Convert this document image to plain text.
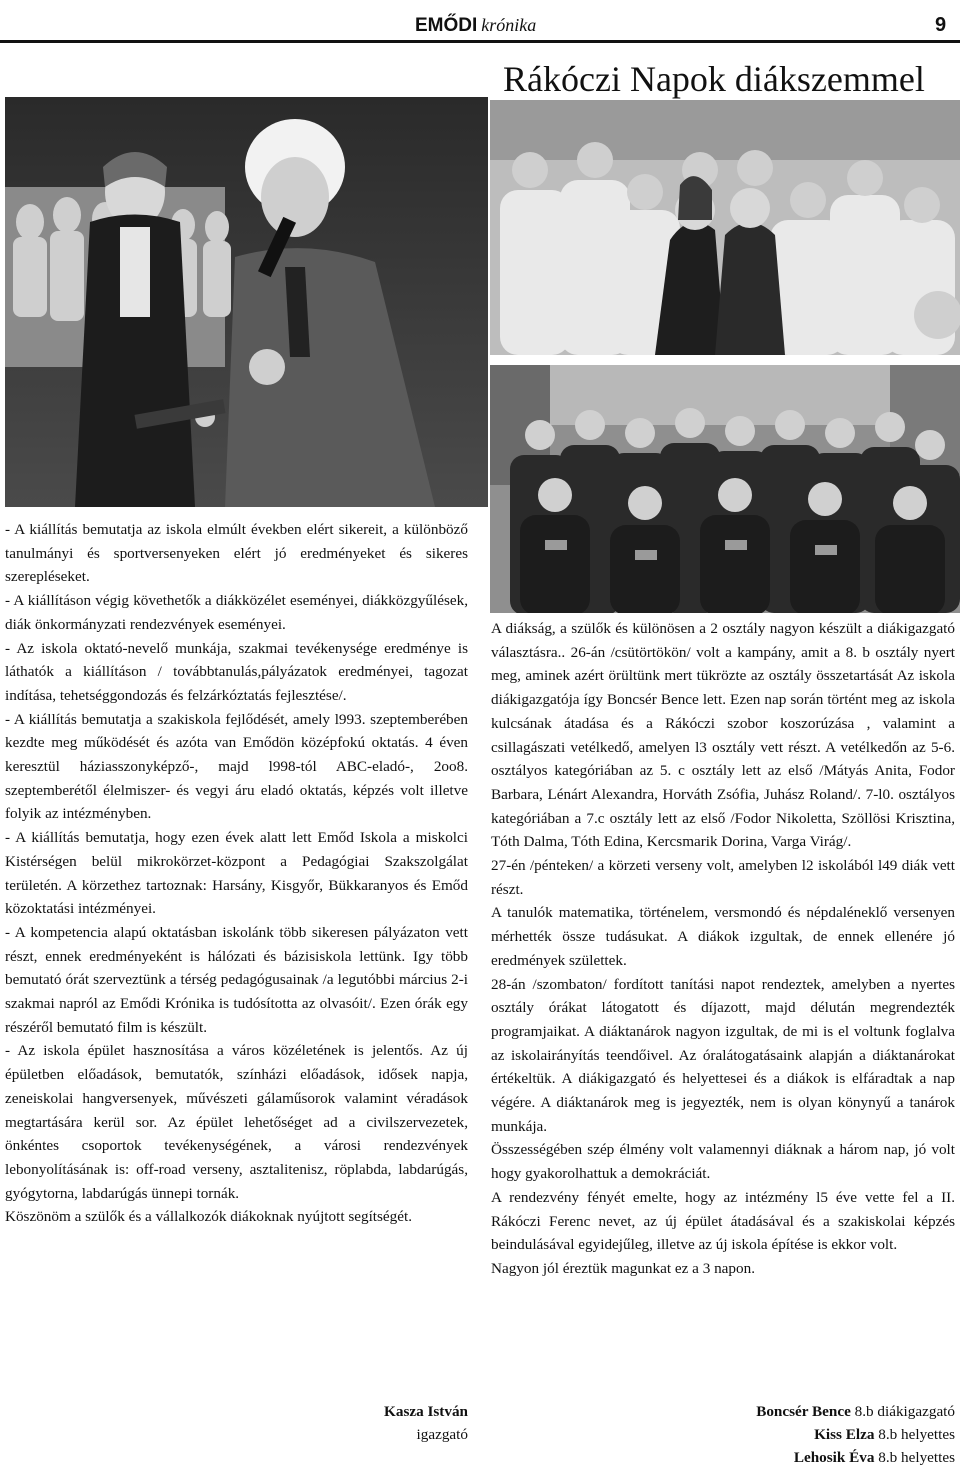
EMŐDI krónika	9
Rákóczi Napok diákszemmel

- A kiállítás bemutatja az iskola elmúlt években elért sikereit, a különböző tanulmányi és sportversenyeken elért jó eredményeket és sikeres szerepléseket.

- A kiállításon végig követhetők a diákközélet eseményei, diákközgyűlések, diák önkormányzati rendezvények eseményei.

- Az iskola oktató-nevelő munkája, szakmai tevékenysége eredménye is láthatók a kiállításon / továbbtanulás,pályázatok eredményei, tagozat indítása, tehetséggondozás és felzárkóztatás fejlesztése/.

- A kiállítás bemutatja a szakiskola fejlődését, amely l993. szeptemberében kezdte meg működését és azóta van Emődön középfokú oktatás. 4 éven keresztül háziasszonyképző-, majd l998-tól ABC-eladó-, 2oo8. szeptemberétől élelmiszer- és vegyi áru eladó oktatás, képzés volt illetve folyik az intézményben.

- A kiállítás bemutatja, hogy ezen évek alatt lett Emőd Iskola a miskolci Kistérségen belül mikrokörzet-központ a Pedagógiai Szakszolgálat területén. A körzethez tartoznak: Harsány, Kisgyőr, Bükkaranyos és Emőd közoktatási intézményei.

- A kompetencia alapú oktatásban iskolánk több sikeresen pályázaton vett részt, ennek eredményeként is hálózati és bázisiskola lettünk. Igy több bemutató órát szerveztünk a térség pedagógusainak /a legutóbbi március 2-i szakmai napról az Emődi Krónika is tudósította az olvasóit/. Ezen órák egy részéről bemutató film is készült.

- Az iskola épület hasznosítása a város közéletének is jelentős. Az új épületben előadások, bemutatók, színházi előadások, idősek napja, zeneiskolai hangversenyek, művészeti gálaműsorok valamint véradások megtartására kerül sor. Az épület lehetőséget ad a civilszervezetek, önkéntes csoportok tevékenységének, a városi rendezvények lebonyolításának is: off-road verseny, asztalitenisz, röplabda, labdarúgás, gyógytorna, labdarúgás ünnepi tornák.

Köszönöm a szülők és a vállalkozók diákoknak nyújtott segítségét.

Kasza István
igazgató

A diákság, a szülők és különösen a 2 osztály nagyon készült a diákigazgató választásra.. 26-án /csütörtökön/ volt a kampány, amit a 8. b osztály nyert meg, aminek azért örültünk mert tükrözte az osztály összetartását Az iskola diákigazgatója így Boncsér Bence lett. Ezen nap során történt meg az iskola kulcsának átadása és a Rákóczi szobor koszorúzása , valamint a csillagászati vetélkedő, amelyen l3 osztály vett részt. A vetélkedőn az 5-6. osztályos kategóriában az 5. c osztály lett az első /Mátyás Anita, Fodor Barbara, Lénárt Alexandra, Horváth Zsófia, Juhász Roland/. 7-l0. osztályos kategóriában a 7.c osztály lett az első /Fodor Nikoletta, Szöllösi Krisztina, Tóth Dalma, Tóth Edina, Kercsmarik Dorina, Varga Virág/.

27-én /pénteken/ a körzeti verseny volt, amelyben l2 iskolából l49 diák vett részt.

A tanulók matematika, történelem, versmondó és népdaléneklő versenyen mérhették össze tudásukat. A diákok izgultak, de ennek ellenére jó eredmények születtek.

28-án /szombaton/ fordított tanítási napot rendeztek, amelyben a nyertes osztály órákat látogatott és díjazott, majd délután megrendezték programjaikat. A diáktanárok nagyon izgultak, de mi is el voltunk foglalva az iskolairányítás teendőivel. Az óralátogatásaink alapján a diáktanárokat értékeltük. A diákigazgató és helyettesei és a diákok is elfáradtak a nap végére. A diáktanárok meg is jegyezték, nem is olyan könynyű a tanárok munkája.

Összességében szép élmény volt valamennyi diáknak a három nap, jó volt hogy gyakorolhattuk a demokráciát.

A rendezvény fényét emelte, hogy az intézmény l5 éve vette fel a II. Rákóczi Ferenc nevet, az új épület átadásával és a szakiskolai képzés beindulásával egyidejűleg, illetve az új iskola építése is ekkor volt.

Nagyon jól éreztük magunkat ez a 3 napon.

Boncsér Bence 8.b diákigazgató
Kiss Elza 8.b helyettes
Lehosik Éva 8.b helyettes
